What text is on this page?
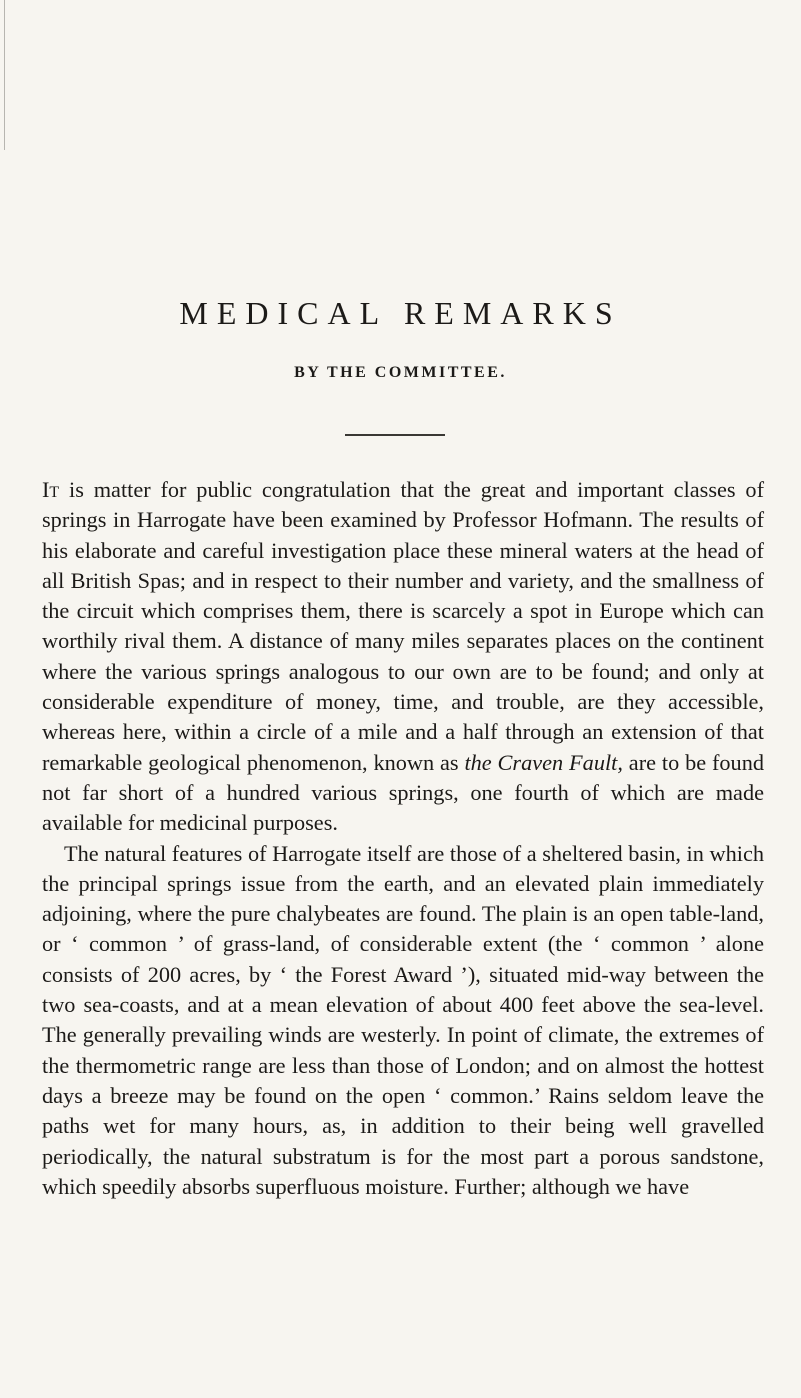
MEDICAL REMARKS
BY THE COMMITTEE.

It is matter for public congratulation that the great and important classes of springs in Harrogate have been examined by Professor Hofmann. The results of his elaborate and careful investigation place these mineral waters at the head of all British Spas; and in respect to their number and variety, and the smallness of the circuit which comprises them, there is scarcely a spot in Europe which can worthily rival them. A distance of many miles separates places on the continent where the various springs analogous to our own are to be found; and only at considerable expenditure of money, time, and trouble, are they accessible, whereas here, within a circle of a mile and a half through an extension of that remarkable geological phenomenon, known as the Craven Fault, are to be found not far short of a hundred various springs, one fourth of which are made available for medicinal purposes.

The natural features of Harrogate itself are those of a sheltered basin, in which the principal springs issue from the earth, and an elevated plain immediately adjoining, where the pure chalybeates are found. The plain is an open table-land, or ‘ common ’ of grass-land, of considerable extent (the ‘ common ’ alone consists of 200 acres, by ‘ the Forest Award ’), situated mid-way between the two sea-coasts, and at a mean elevation of about 400 feet above the sea-level. The generally prevailing winds are westerly. In point of climate, the extremes of the thermometric range are less than those of London; and on almost the hottest days a breeze may be found on the open ‘ common.’ Rains seldom leave the paths wet for many hours, as, in addition to their being well gravelled periodically, the natural substratum is for the most part a porous sandstone, which speedily absorbs superfluous moisture. Further; although we have
